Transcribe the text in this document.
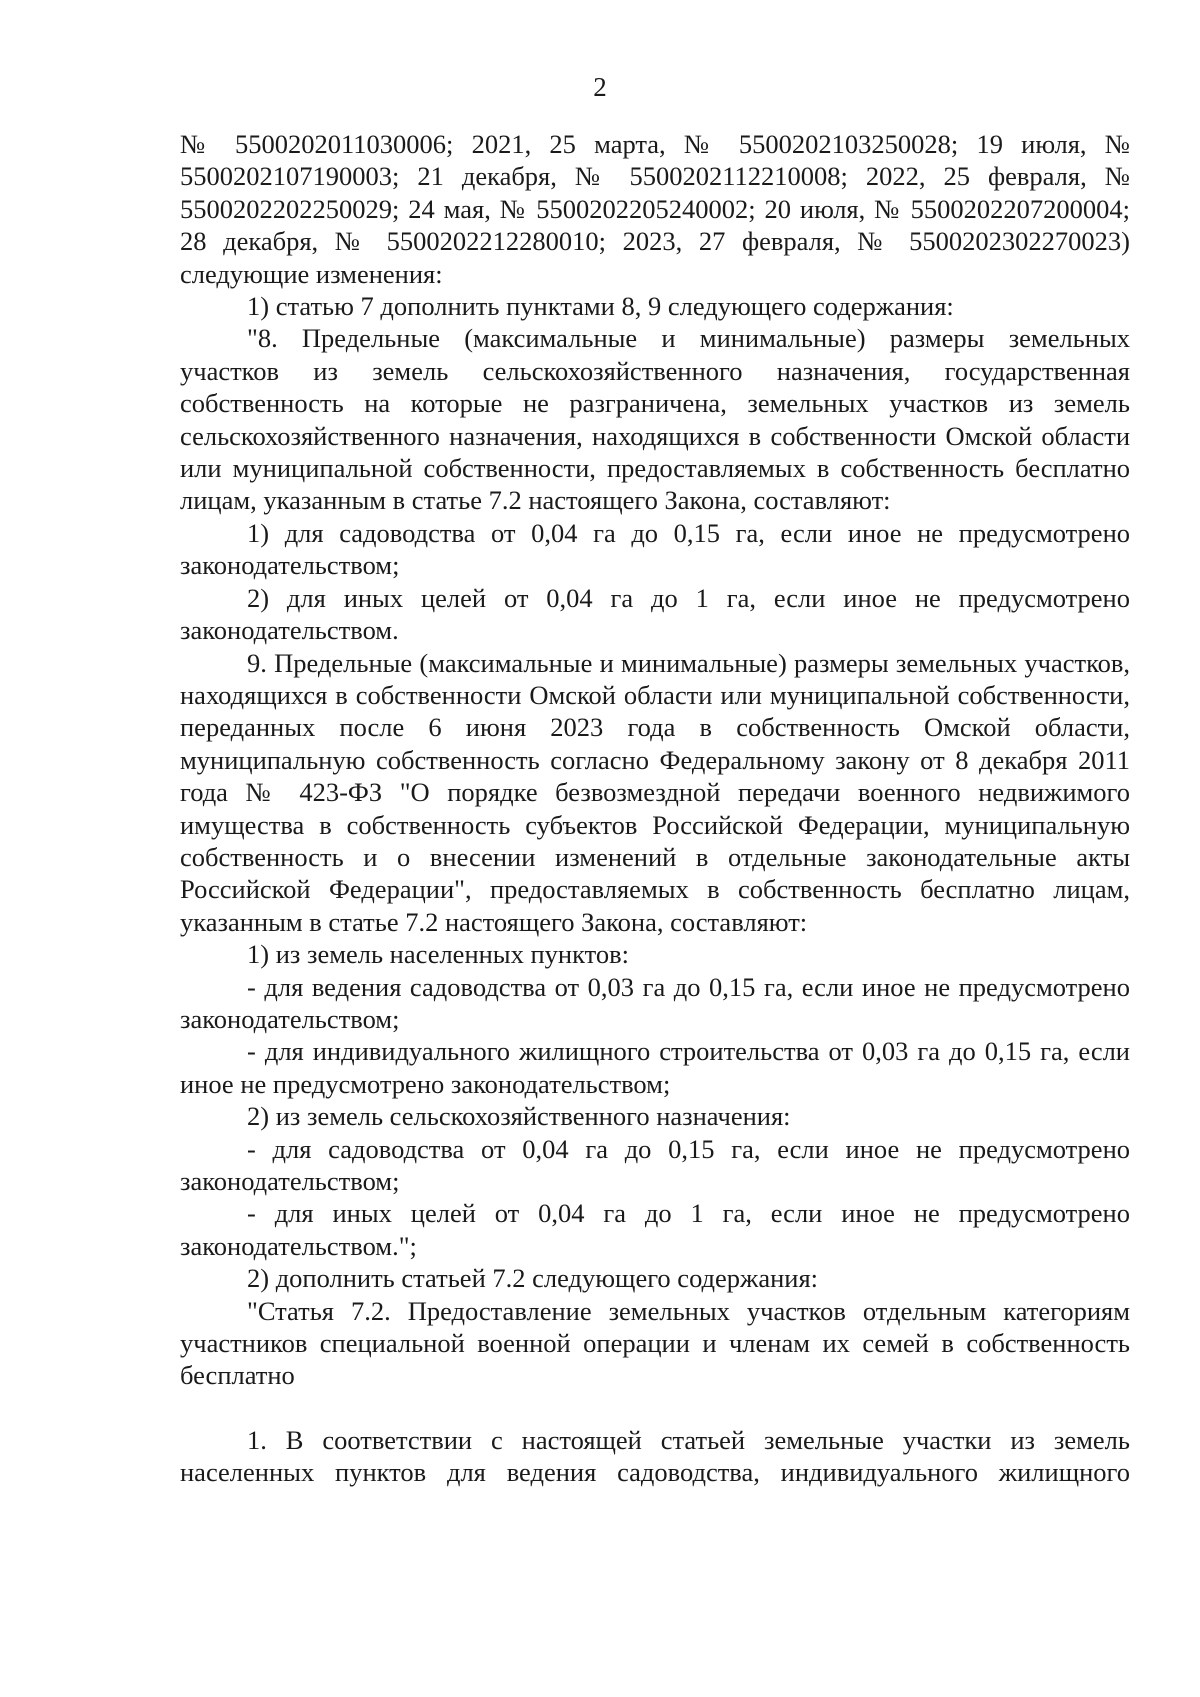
2

№ 5500202011030006; 2021, 25 марта, № 5500202103250028; 19 июля, № 5500202107190003; 21 декабря, № 5500202112210008; 2022, 25 февраля, № 5500202202250029; 24 мая, № 5500202205240002; 20 июля, № 5500202207200004; 28 декабря, № 5500202212280010; 2023, 27 февраля, № 5500202302270023) следующие изменения:

1) статью 7 дополнить пунктами 8, 9 следующего содержания:

"8. Предельные (максимальные и минимальные) размеры земельных участков из земель сельскохозяйственного назначения, государственная собственность на которые не разграничена, земельных участков из земель сельскохозяйственного назначения, находящихся в собственности Омской области или муниципальной собственности, предоставляемых в собственность бесплатно лицам, указанным в статье 7.2 настоящего Закона, составляют:

1) для садоводства от 0,04 га до 0,15 га, если иное не предусмотрено законодательством;

2) для иных целей от 0,04 га до 1 га, если иное не предусмотрено законодательством.

9. Предельные (максимальные и минимальные) размеры земельных участков, находящихся в собственности Омской области или муниципальной собственности, переданных после 6 июня 2023 года в собственность Омской области, муниципальную собственность согласно Федеральному закону от 8 декабря 2011 года № 423-ФЗ "О порядке безвозмездной передачи военного недвижимого имущества в собственность субъектов Российской Федерации, муниципальную собственность и о внесении изменений в отдельные законодательные акты Российской Федерации", предоставляемых в собственность бесплатно лицам, указанным в статье 7.2 настоящего Закона, составляют:

1) из земель населенных пунктов:

- для ведения садоводства от 0,03 га до 0,15 га, если иное не предусмотрено законодательством;

- для индивидуального жилищного строительства от 0,03 га до 0,15 га, если иное не предусмотрено законодательством;

2) из земель сельскохозяйственного назначения:

- для садоводства от 0,04 га до 0,15 га, если иное не предусмотрено законодательством;

- для иных целей от 0,04 га до 1 га, если иное не предусмотрено законодательством.";

2) дополнить статьей 7.2 следующего содержания:

"Статья 7.2. Предоставление земельных участков отдельным категориям участников специальной военной операции и членам их семей в собственность бесплатно

1. В соответствии с настоящей статьей земельные участки из земель населенных пунктов для ведения садоводства, индивидуального жилищного
